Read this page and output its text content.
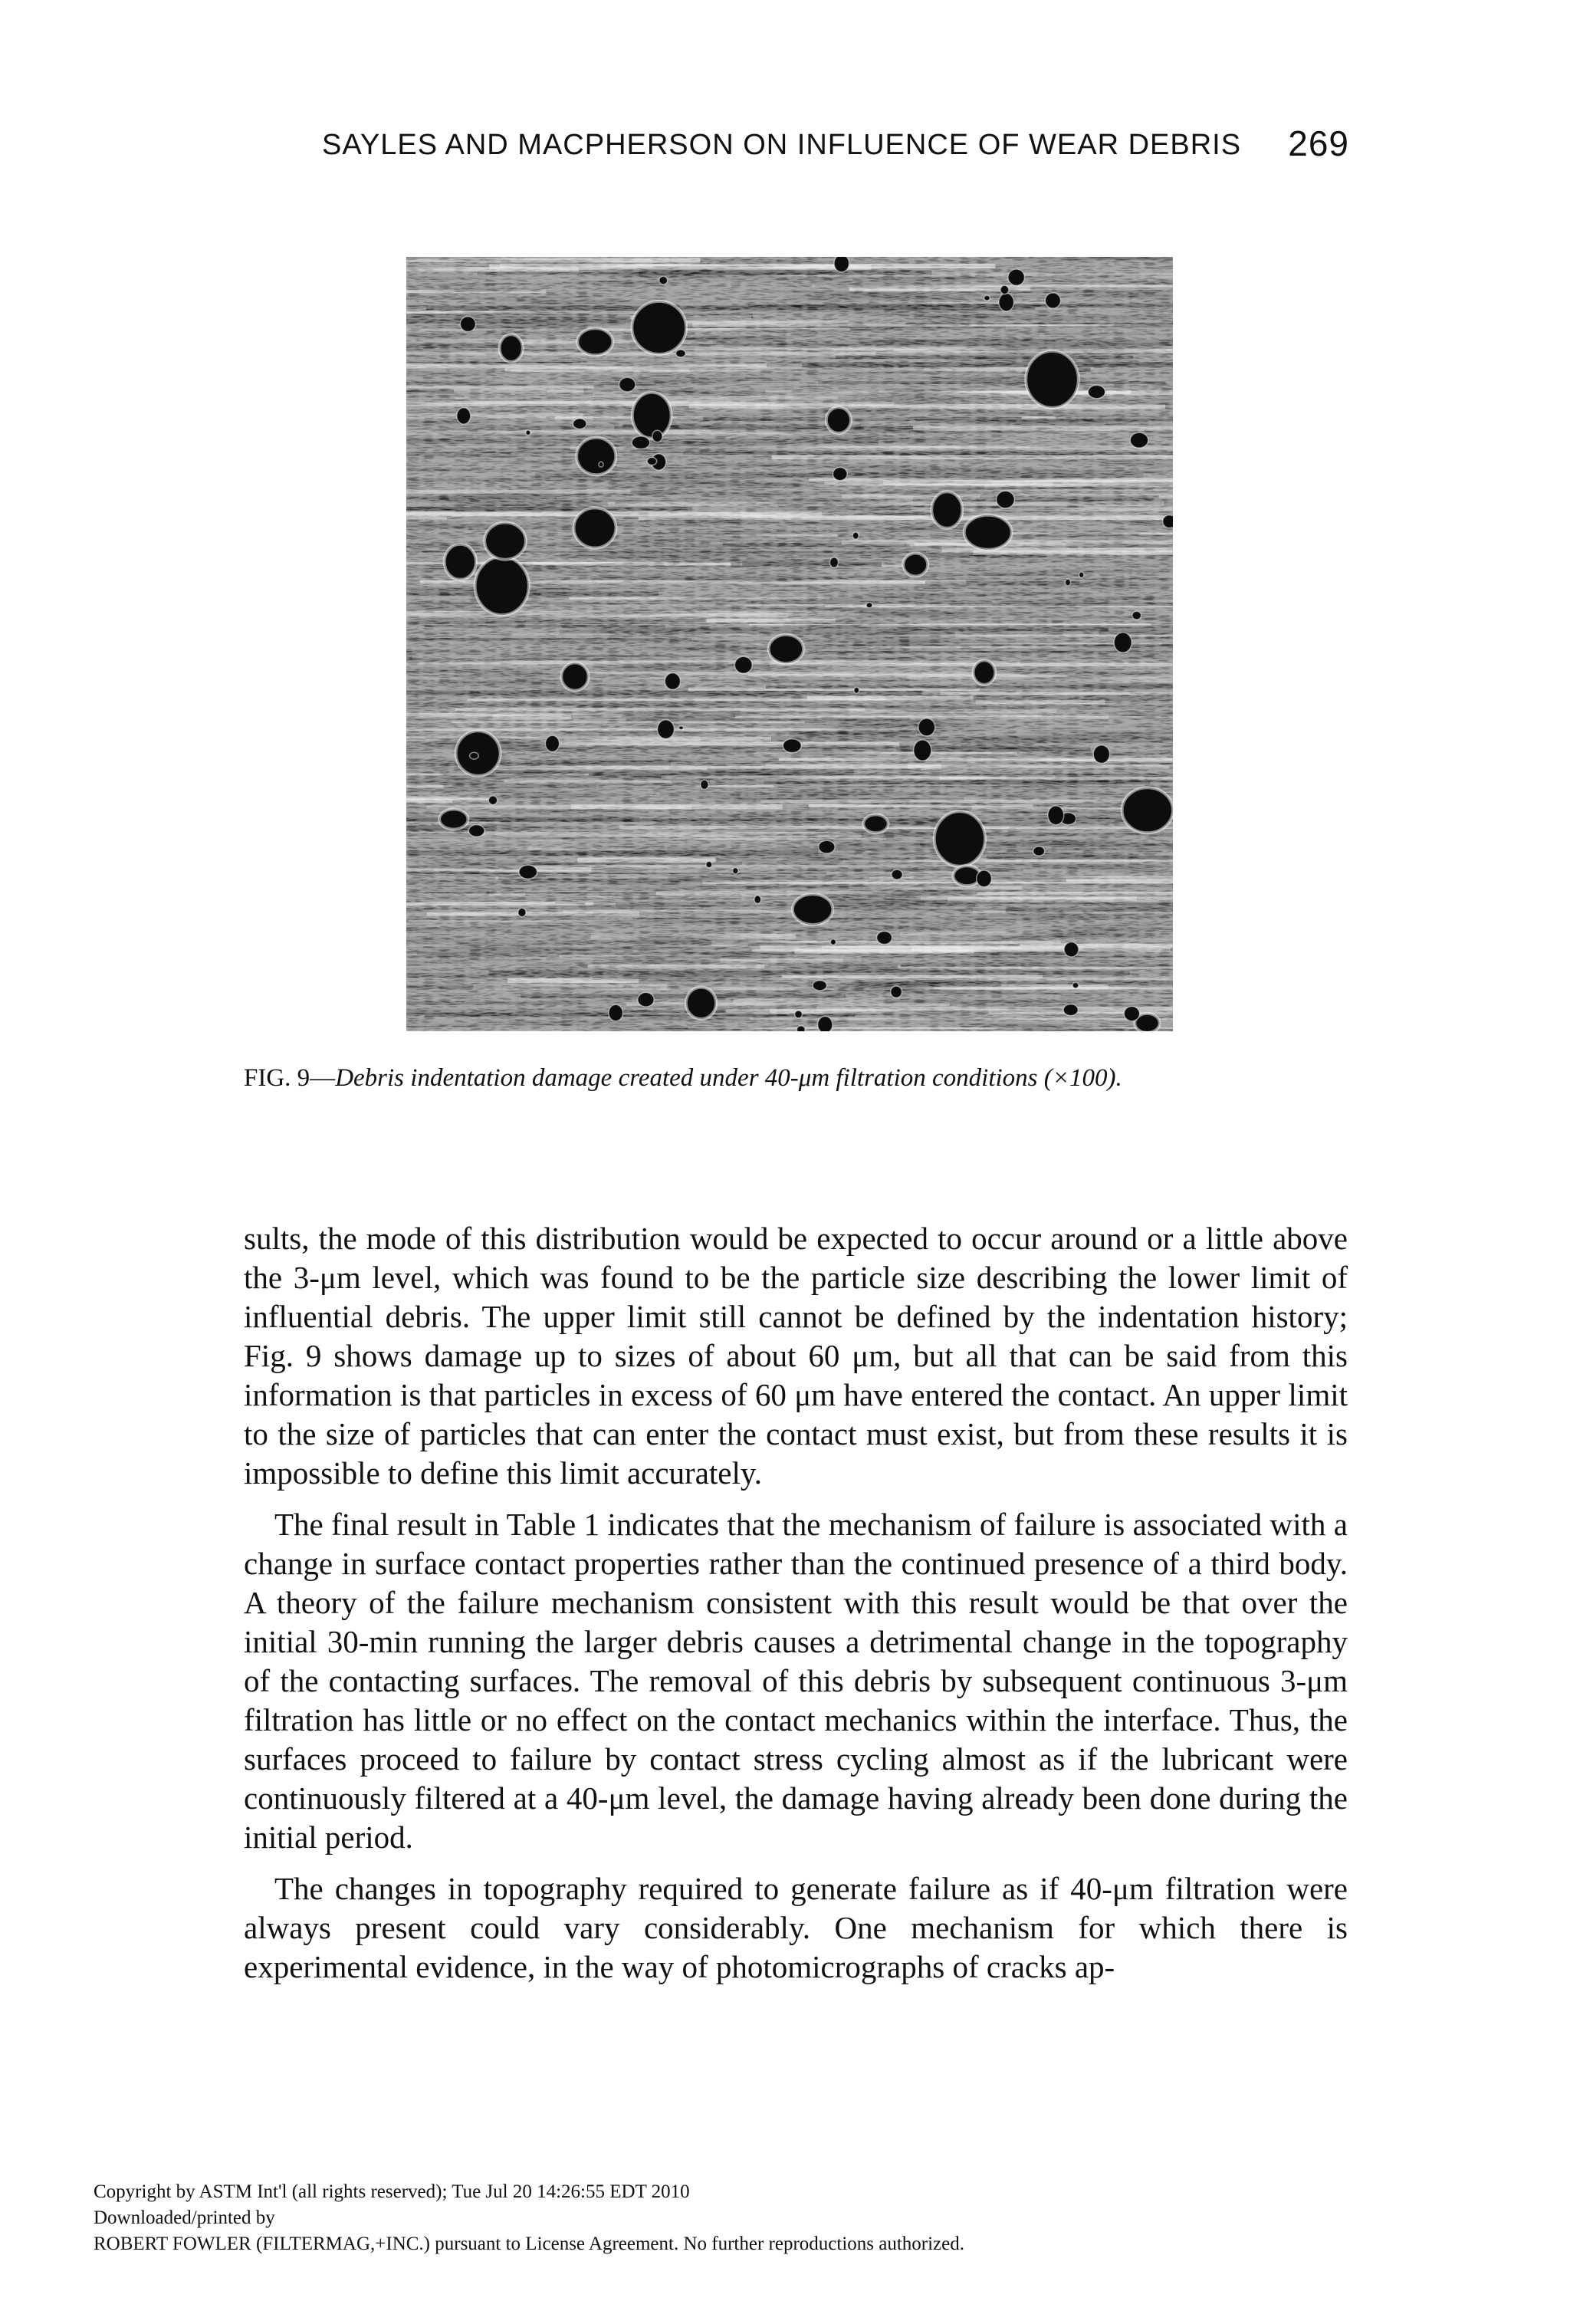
SAYLES AND MACPHERSON ON INFLUENCE OF WEAR DEBRIS 269
FIG. 9—Debris indentation damage created under 40-μm filtration conditions (×100).

sults, the mode of this distribution would be expected to occur around or a little above the 3-μm level, which was found to be the particle size describing the lower limit of influential debris. The upper limit still cannot be defined by the indentation history; Fig. 9 shows damage up to sizes of about 60 μm, but all that can be said from this information is that particles in excess of 60 μm have entered the contact. An upper limit to the size of particles that can enter the contact must exist, but from these results it is impossible to define this limit accurately.

The final result in Table 1 indicates that the mechanism of failure is associated with a change in surface contact properties rather than the continued presence of a third body. A theory of the failure mechanism consistent with this result would be that over the initial 30-min running the larger debris causes a detrimental change in the topography of the contacting surfaces. The removal of this debris by subsequent continuous 3-μm filtration has little or no effect on the contact mechanics within the interface. Thus, the surfaces proceed to failure by contact stress cycling almost as if the lubricant were continuously filtered at a 40-μm level, the damage having already been done during the initial period.

The changes in topography required to generate failure as if 40-μm filtration were always present could vary considerably. One mechanism for which there is experimental evidence, in the way of photomicrographs of cracks ap-

Copyright by ASTM Int'l (all rights reserved); Tue Jul 20 14:26:55 EDT 2010
Downloaded/printed by
ROBERT FOWLER (FILTERMAG,+INC.) pursuant to License Agreement. No further reproductions authorized.
